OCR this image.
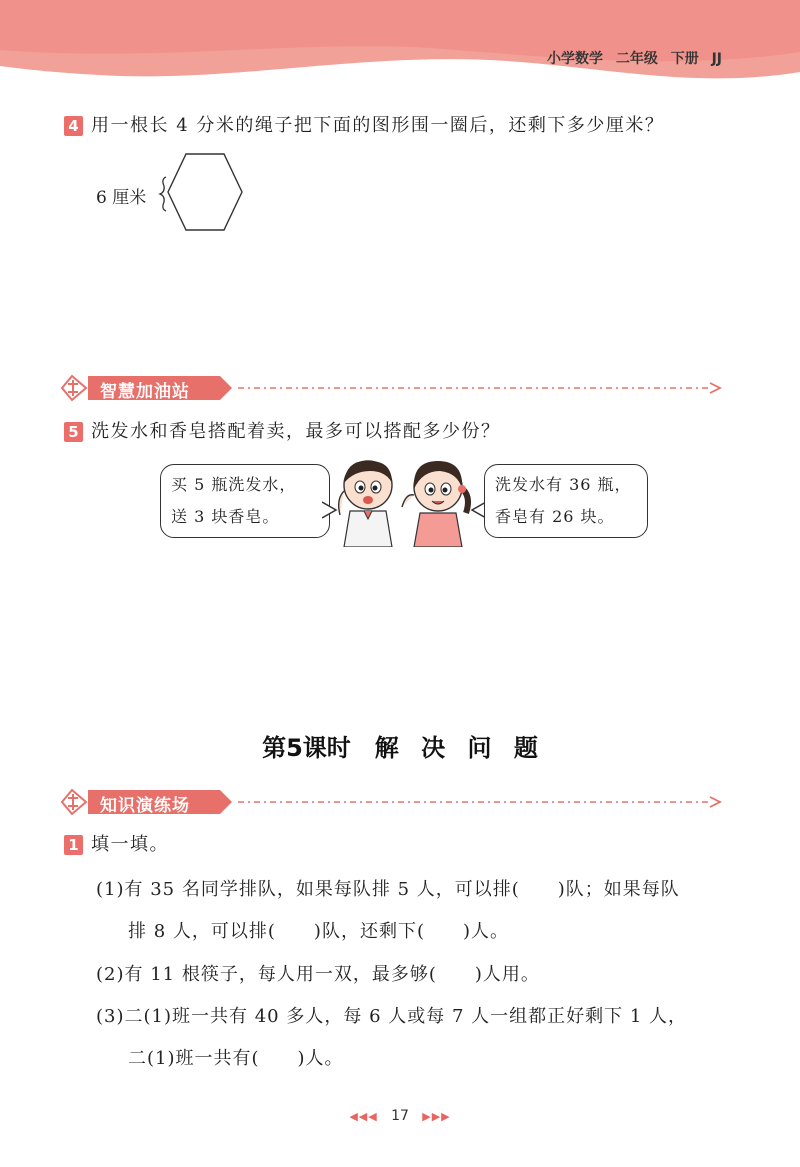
小学数学 二年级 下册 JJ
4 用一根长 4 分米的绳子把下面的图形围一圈后，还剩下多少厘米？
6 厘米
智慧加油站
5 洗发水和香皂搭配着卖，最多可以搭配多少份？
买 5 瓶洗发水，
送 3 块香皂。
洗发水有 36 瓶，
香皂有 26 块。
第5课时　解 决 问 题
知识演练场
1 填一填。
(1)有 35 名同学排队，如果每队排 5 人，可以排(　　)队；如果每队
排 8 人，可以排(　　)队，还剩下(　　)人。
(2)有 11 根筷子，每人用一双，最多够(　　)人用。
(3)二(1)班一共有 40 多人，每 6 人或每 7 人一组都正好剩下 1 人，
二(1)班一共有(　　)人。
◀◀◀ 17 ▶▶▶
